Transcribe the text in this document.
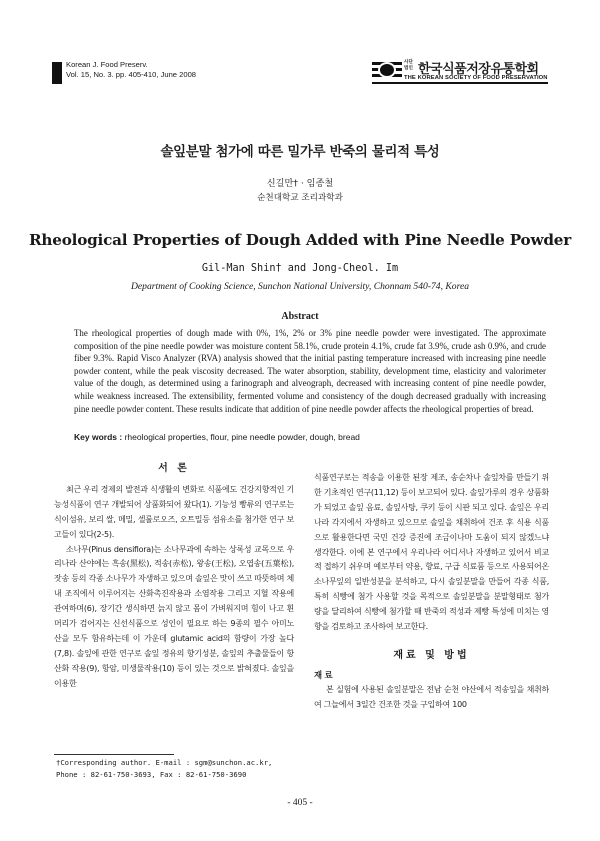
Korean J. Food Preserv.
Vol. 15, No. 3. pp. 405-410, June 2008
사단 법인 한국식품저장유통학회
THE KOREAN SOCIETY OF FOOD PRESERVATION
솔잎분말 첨가에 따른 밀가루 반죽의 물리적 특성
신길만† · 임종철
순천대학교 조리과학과
Rheological Properties of Dough Added with Pine Needle Powder
Gil-Man Shin† and Jong-Cheol. Im
Department of Cooking Science, Sunchon National University, Chonnam 540-74, Korea
Abstract
The rheological properties of dough made with 0%, 1%, 2% or 3% pine needle powder were investigated. The approximate composition of the pine needle powder was moisture content 58.1%, crude protein 4.1%, crude fat 3.9%, crude ash 0.9%, and crude fiber 9.3%. Rapid Visco Analyzer (RVA) analysis showed that the initial pasting temperature increased with increasing pine needle powder content, while the peak viscosity decreased. The water absorption, stability, development time, elasticity and valorimeter value of the dough, as determined using a farinograph and alveograph, decreased with increasing content of pine needle powder, while weakness increased. The extensibility, fermented volume and consistency of the dough decreased gradually with increasing pine needle powder content. These results indicate that addition of pine needle powder affects the rheological properties of bread.
Key words : rheological properties, flour, pine needle powder, dough, bread
서 론

최근 우리 경제의 발전과 식생활의 변화로 식품에도 건강지향적인 기능성식품이 연구 개발되어 상품화되어 왔다(1). 기능성 빵류의 연구로는 식이섬유, 보리 쌀, 메밀, 셀룰로오즈, 오트밀등 섬유소를 첨가한 연구 보고들이 있다(2-5).

소나무(Pinus densiflora)는 소나무과에 속하는 상록성 교목으로 우리나라 산야에는 흑송(黑松), 적송(赤松), 왕송(王松), 오엽송(五葉松), 잣송 등의 각종 소나무가 자생하고 있으며 솔잎은 맛이 쓰고 따뜻하며 체내 조직에서 이루어지는 산화촉진작용과 소염작용 그리고 지혈 작용에 관여하며(6), 장기간 생식하면 늙지 않고 몸이 가벼워지며 힘이 나고 흰머리가 검어지는 신선식품으로 성인이 필요로 하는 9종의 필수 아미노산을 모두 함유하는데 이 가운데 glutamic acid의 함량이 가장 높다(7,8). 솔잎에 관한 연구로 솔잎 정유의 향기성분, 솔잎의 추출물들이 항산화 작용(9), 항암, 미생물작용(10) 등이 있는 것으로 밝혀졌다. 솔잎을 이용한

식품연구로는 적송을 이용한 된장 제조, 송순차나 솔잎차를 만들기 위한 기초적인 연구(11,12) 등이 보고되어 있다. 솔잎가루의 경우 상품화가 되었고 솔잎 음료, 솔잎사탕, 쿠키 등이 시판 되고 있다. 솔잎은 우리나라 각지에서 자생하고 있으므로 솔잎을 채취하여 건조 후 식용 식품으로 활용한다면 국민 건강 증진에 조금이나마 도움이 되지 않겠느냐 생각한다. 이에 본 연구에서 우리나라 어디서나 자생하고 있어서 비교적 접하기 쉬우며 예로부터 약용, 향료, 구급 식료품 등으로 사용되어온 소나무잎의 일반성분을 분석하고, 다시 솔잎분말을 만들어 각종 식품, 특히 식빵에 첨가 사용할 것을 목적으로 솔잎분말을 분말형태로 첨가량을 달리하여 식빵에 첨가할 때 반죽의 적성과 제빵 특성에 미치는 영향을 검토하고 조사하여 보고한다.

재료 및 방법
재 료

본 실험에 사용된 솔잎분말은 전남 순천 야산에서 적송잎을 채취하여 그늘에서 3일간 건조한 것을 구입하여 100

†Corresponding author. E-mail : sgm@sunchon.ac.kr,
Phone : 82-61-750-3693, Fax : 82-61-750-3690
- 405 -
